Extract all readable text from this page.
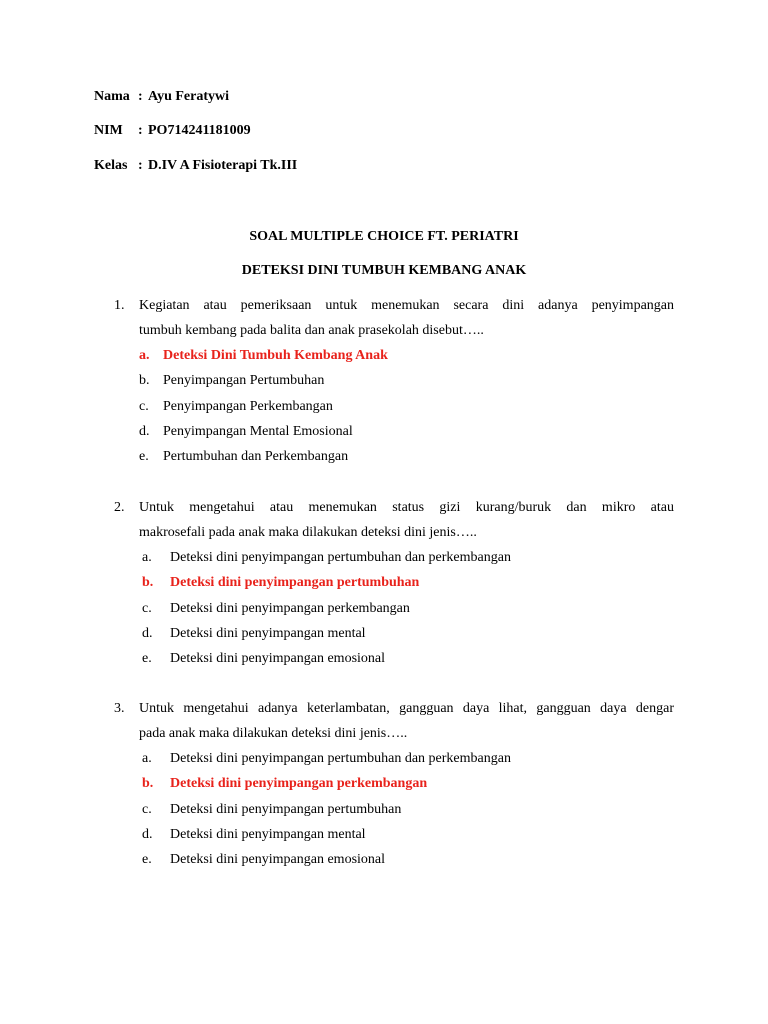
Nama : Ayu Feratywi
NIM : PO714241181009
Kelas : D.IV A Fisioterapi Tk.III
SOAL MULTIPLE CHOICE FT. PERIATRI
DETEKSI DINI TUMBUH KEMBANG ANAK
1. Kegiatan atau pemeriksaan untuk menemukan secara dini adanya penyimpangan
tumbuh kembang pada balita dan anak prasekolah disebut…..
a. Deteksi Dini Tumbuh Kembang Anak
b. Penyimpangan Pertumbuhan
c. Penyimpangan Perkembangan
d. Penyimpangan Mental Emosional
e. Pertumbuhan dan Perkembangan
2. Untuk mengetahui atau menemukan status gizi kurang/buruk dan mikro atau
makrosefali pada anak maka dilakukan deteksi dini jenis…..
a. Deteksi dini penyimpangan pertumbuhan dan perkembangan
b. Deteksi dini penyimpangan pertumbuhan
c. Deteksi dini penyimpangan perkembangan
d. Deteksi dini penyimpangan mental
e. Deteksi dini penyimpangan emosional
3. Untuk mengetahui adanya keterlambatan, gangguan daya lihat, gangguan daya dengar
pada anak maka dilakukan deteksi dini jenis…..
a. Deteksi dini penyimpangan pertumbuhan dan perkembangan
b. Deteksi dini penyimpangan perkembangan
c. Deteksi dini penyimpangan pertumbuhan
d. Deteksi dini penyimpangan mental
e. Deteksi dini penyimpangan emosional
